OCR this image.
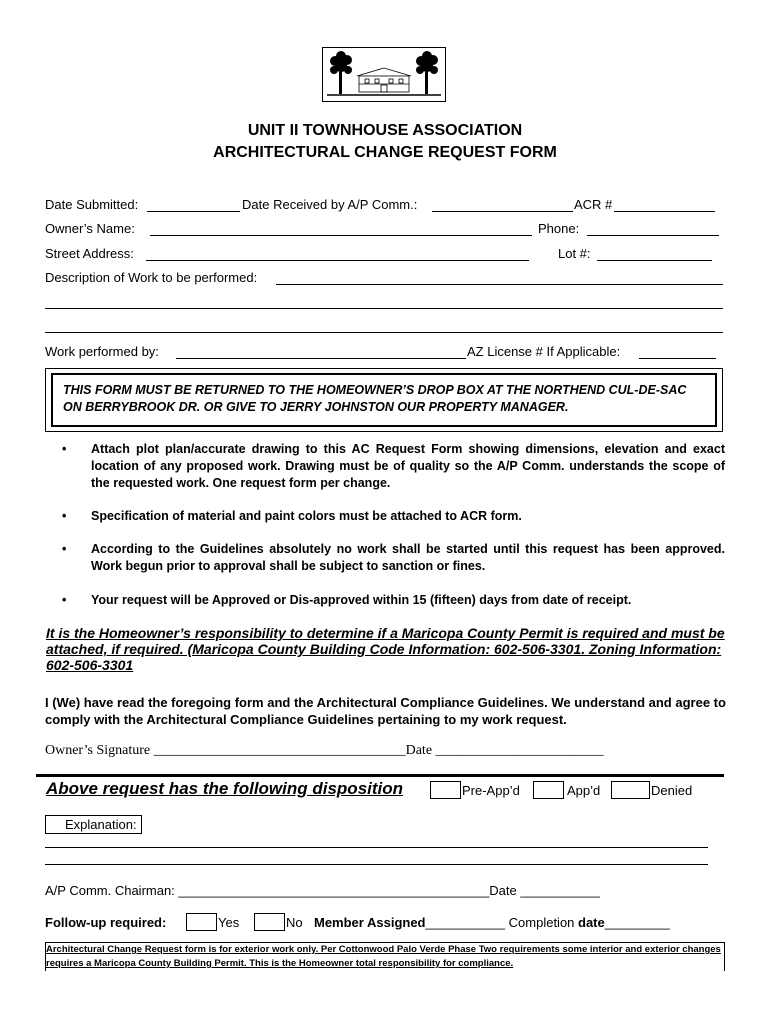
UNIT II TOWNHOUSE ASSOCIATION
ARCHITECTURAL CHANGE REQUEST FORM
Date Submitted:	Date Received by A/P Comm.:	ACR #
Owner’s Name:	Phone:
Street Address:	Lot #:
Description of Work to be performed:
Work performed by:	AZ License # If Applicable:
THIS FORM MUST BE RETURNED TO THE HOMEOWNER’S DROP BOX AT THE NORTHEND CUL-DE-SAC ON BERRYBROOK DR. OR GIVE TO JERRY JOHNSTON OUR PROPERTY MANAGER.
• Attach plot plan/accurate drawing to this AC Request Form showing dimensions, elevation and exact location of any proposed work. Drawing must be of quality so the A/P Comm. understands the scope of the requested work. One request form per change.
• Specification of material and paint colors must be attached to ACR form.
• According to the Guidelines absolutely no work shall be started until this request has been approved. Work begun prior to approval shall be subject to sanction or fines.
• Your request will be Approved or Dis-approved within 15 (fifteen) days from date of receipt.
It is the Homeowner’s responsibility to determine if a Maricopa County Permit is required and must be attached, if required. (Maricopa County Building Code Information: 602-506-3301. Zoning Information: 602-506-3301
I (We) have read the foregoing form and the Architectural Compliance Guidelines. We understand and agree to comply with the Architectural Compliance Guidelines pertaining to my work request.
Owner’s Signature ____________________________________Date ________________________
Above request has the following disposition	Pre-App’d	App’d	Denied
Explanation:
A/P Comm. Chairman: ___________________________________________Date ___________
Follow-up required:	Yes	No Member Assigned___________ Completion date_________
Architectural Change Request form is for exterior work only. Per Cottonwood Palo Verde Phase Two requirements some interior and exterior changes requires a Maricopa County Building Permit. This is the Homeowner total responsibility for compliance.
